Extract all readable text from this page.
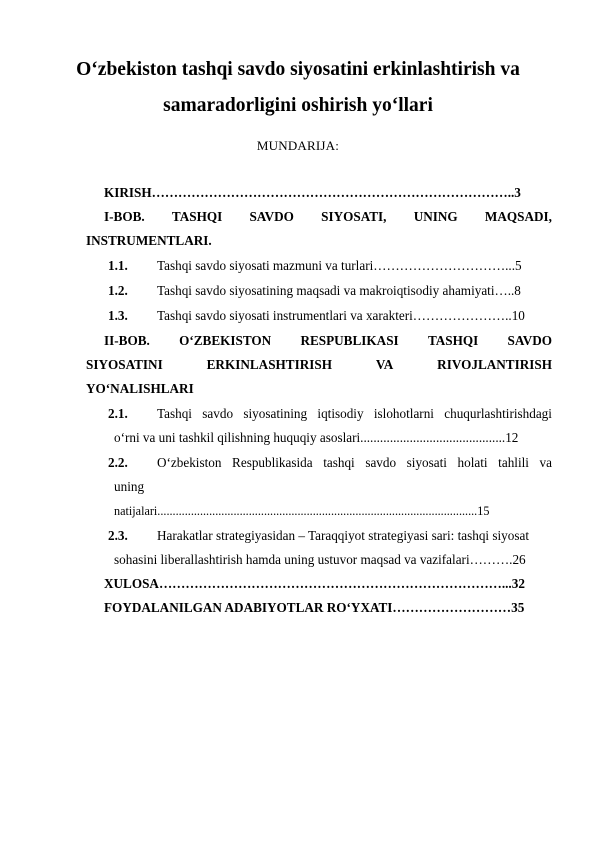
O‘zbekiston tashqi savdo siyosatini erkinlashtirish va
samaradorligini oshirish yo‘llari
MUNDARIJA:
KIRISH………………………………………………………………………..3
I-BOB. TASHQI SAVDO SIYOSATI, UNING MAQSADI,
INSTRUMENTLARI.
1.1. Tashqi savdo siyosati mazmuni va turlari…………………………...5
1.2. Tashqi savdo siyosatining maqsadi va makroiqtisodiy ahamiyati…..8
1.3. Tashqi savdo siyosati instrumentlari va xarakteri…………………..10
II-BOB. O‘ZBEKISTON RESPUBLIKASI TASHQI SAVDO
SIYOSATINI	ERKINLASHTIRISH	VA	RIVOJLANTIRISH
YO‘NALISHLARI
2.1. Tashqi savdo siyosatining iqtisodiy islohotlarni chuqurlashtirishdagi
o‘rni va uni tashkil qilishning huquqiy asoslari............................................12
2.2. O‘zbekiston Respublikasida tashqi savdo siyosati holati tahlili va
uning
natijalari.........................................................................................................15
2.3. Harakatlar strategiyasidan – Taraqqiyot strategiyasi sari: tashqi siyosat
sohasini liberallashtirish hamda uning ustuvor maqsad va vazifalari……….26
XULOSA……………………………………………………………………...32
FOYDALANILGAN ADABIYOTLAR RO‘YXATI………………………35
